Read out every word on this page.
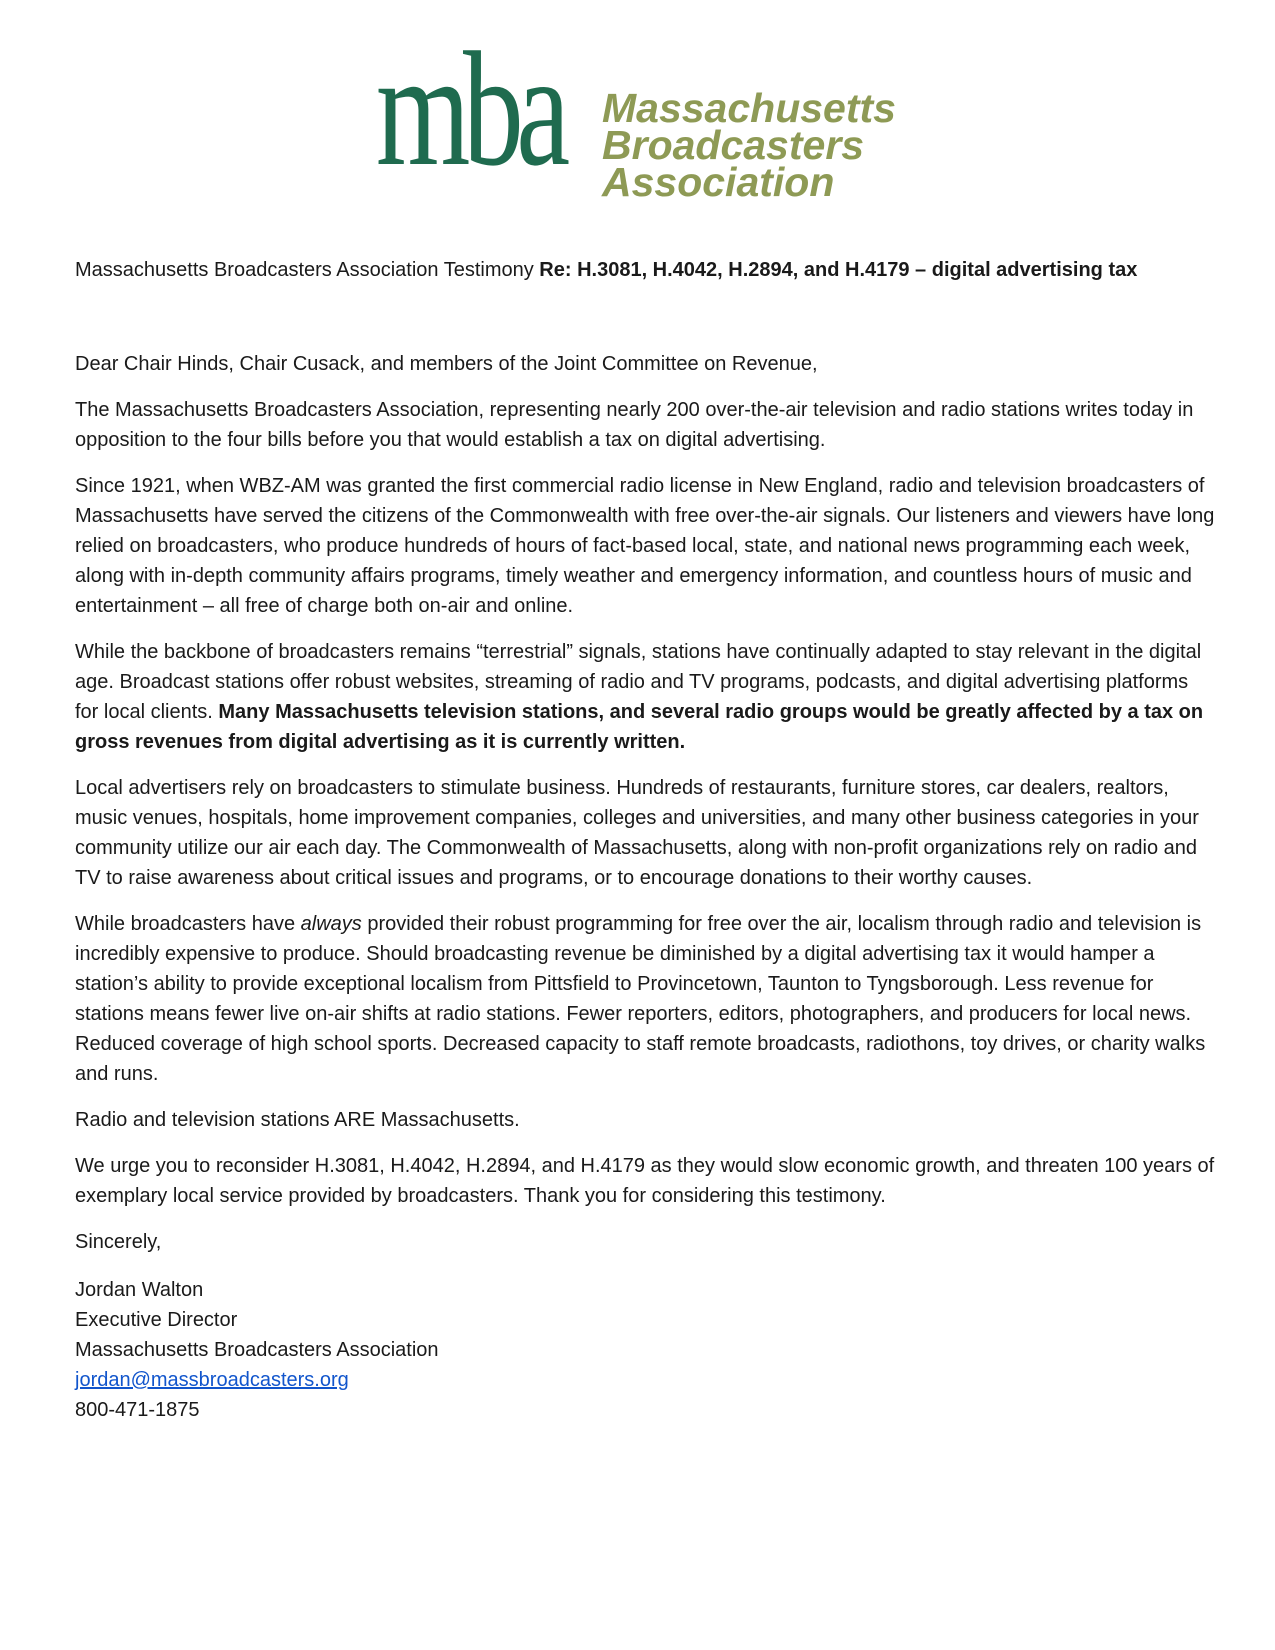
mba Massachusetts
Broadcasters
Association
Massachusetts Broadcasters Association Testimony Re: H.3081, H.4042, H.2894, and H.4179 – digital advertising tax

Dear Chair Hinds, Chair Cusack, and members of the Joint Committee on Revenue,

The Massachusetts Broadcasters Association, representing nearly 200 over-the-air television and radio stations writes today in opposition to the four bills before you that would establish a tax on digital advertising.

Since 1921, when WBZ-AM was granted the first commercial radio license in New England, radio and television broadcasters of Massachusetts have served the citizens of the Commonwealth with free over-the-air signals. Our listeners and viewers have long relied on broadcasters, who produce hundreds of hours of fact-based local, state, and national news programming each week, along with in-depth community affairs programs, timely weather and emergency information, and countless hours of music and entertainment – all free of charge both on-air and online.

While the backbone of broadcasters remains “terrestrial” signals, stations have continually adapted to stay relevant in the digital age. Broadcast stations offer robust websites, streaming of radio and TV programs, podcasts, and digital advertising platforms for local clients. Many Massachusetts television stations, and several radio groups would be greatly affected by a tax on gross revenues from digital advertising as it is currently written.

Local advertisers rely on broadcasters to stimulate business. Hundreds of restaurants, furniture stores, car dealers, realtors, music venues, hospitals, home improvement companies, colleges and universities, and many other business categories in your community utilize our air each day. The Commonwealth of Massachusetts, along with non-profit organizations rely on radio and TV to raise awareness about critical issues and programs, or to encourage donations to their worthy causes.

While broadcasters have always provided their robust programming for free over the air, localism through radio and television is incredibly expensive to produce. Should broadcasting revenue be diminished by a digital advertising tax it would hamper a station’s ability to provide exceptional localism from Pittsfield to Provincetown, Taunton to Tyngsborough. Less revenue for stations means fewer live on-air shifts at radio stations. Fewer reporters, editors, photographers, and producers for local news. Reduced coverage of high school sports. Decreased capacity to staff remote broadcasts, radiothons, toy drives, or charity walks and runs.

Radio and television stations ARE Massachusetts.

We urge you to reconsider H.3081, H.4042, H.2894, and H.4179 as they would slow economic growth, and threaten 100 years of exemplary local service provided by broadcasters. Thank you for considering this testimony.

Sincerely,

Jordan Walton

Executive Director

Massachusetts Broadcasters Association

jordan@massbroadcasters.org

800-471-1875
